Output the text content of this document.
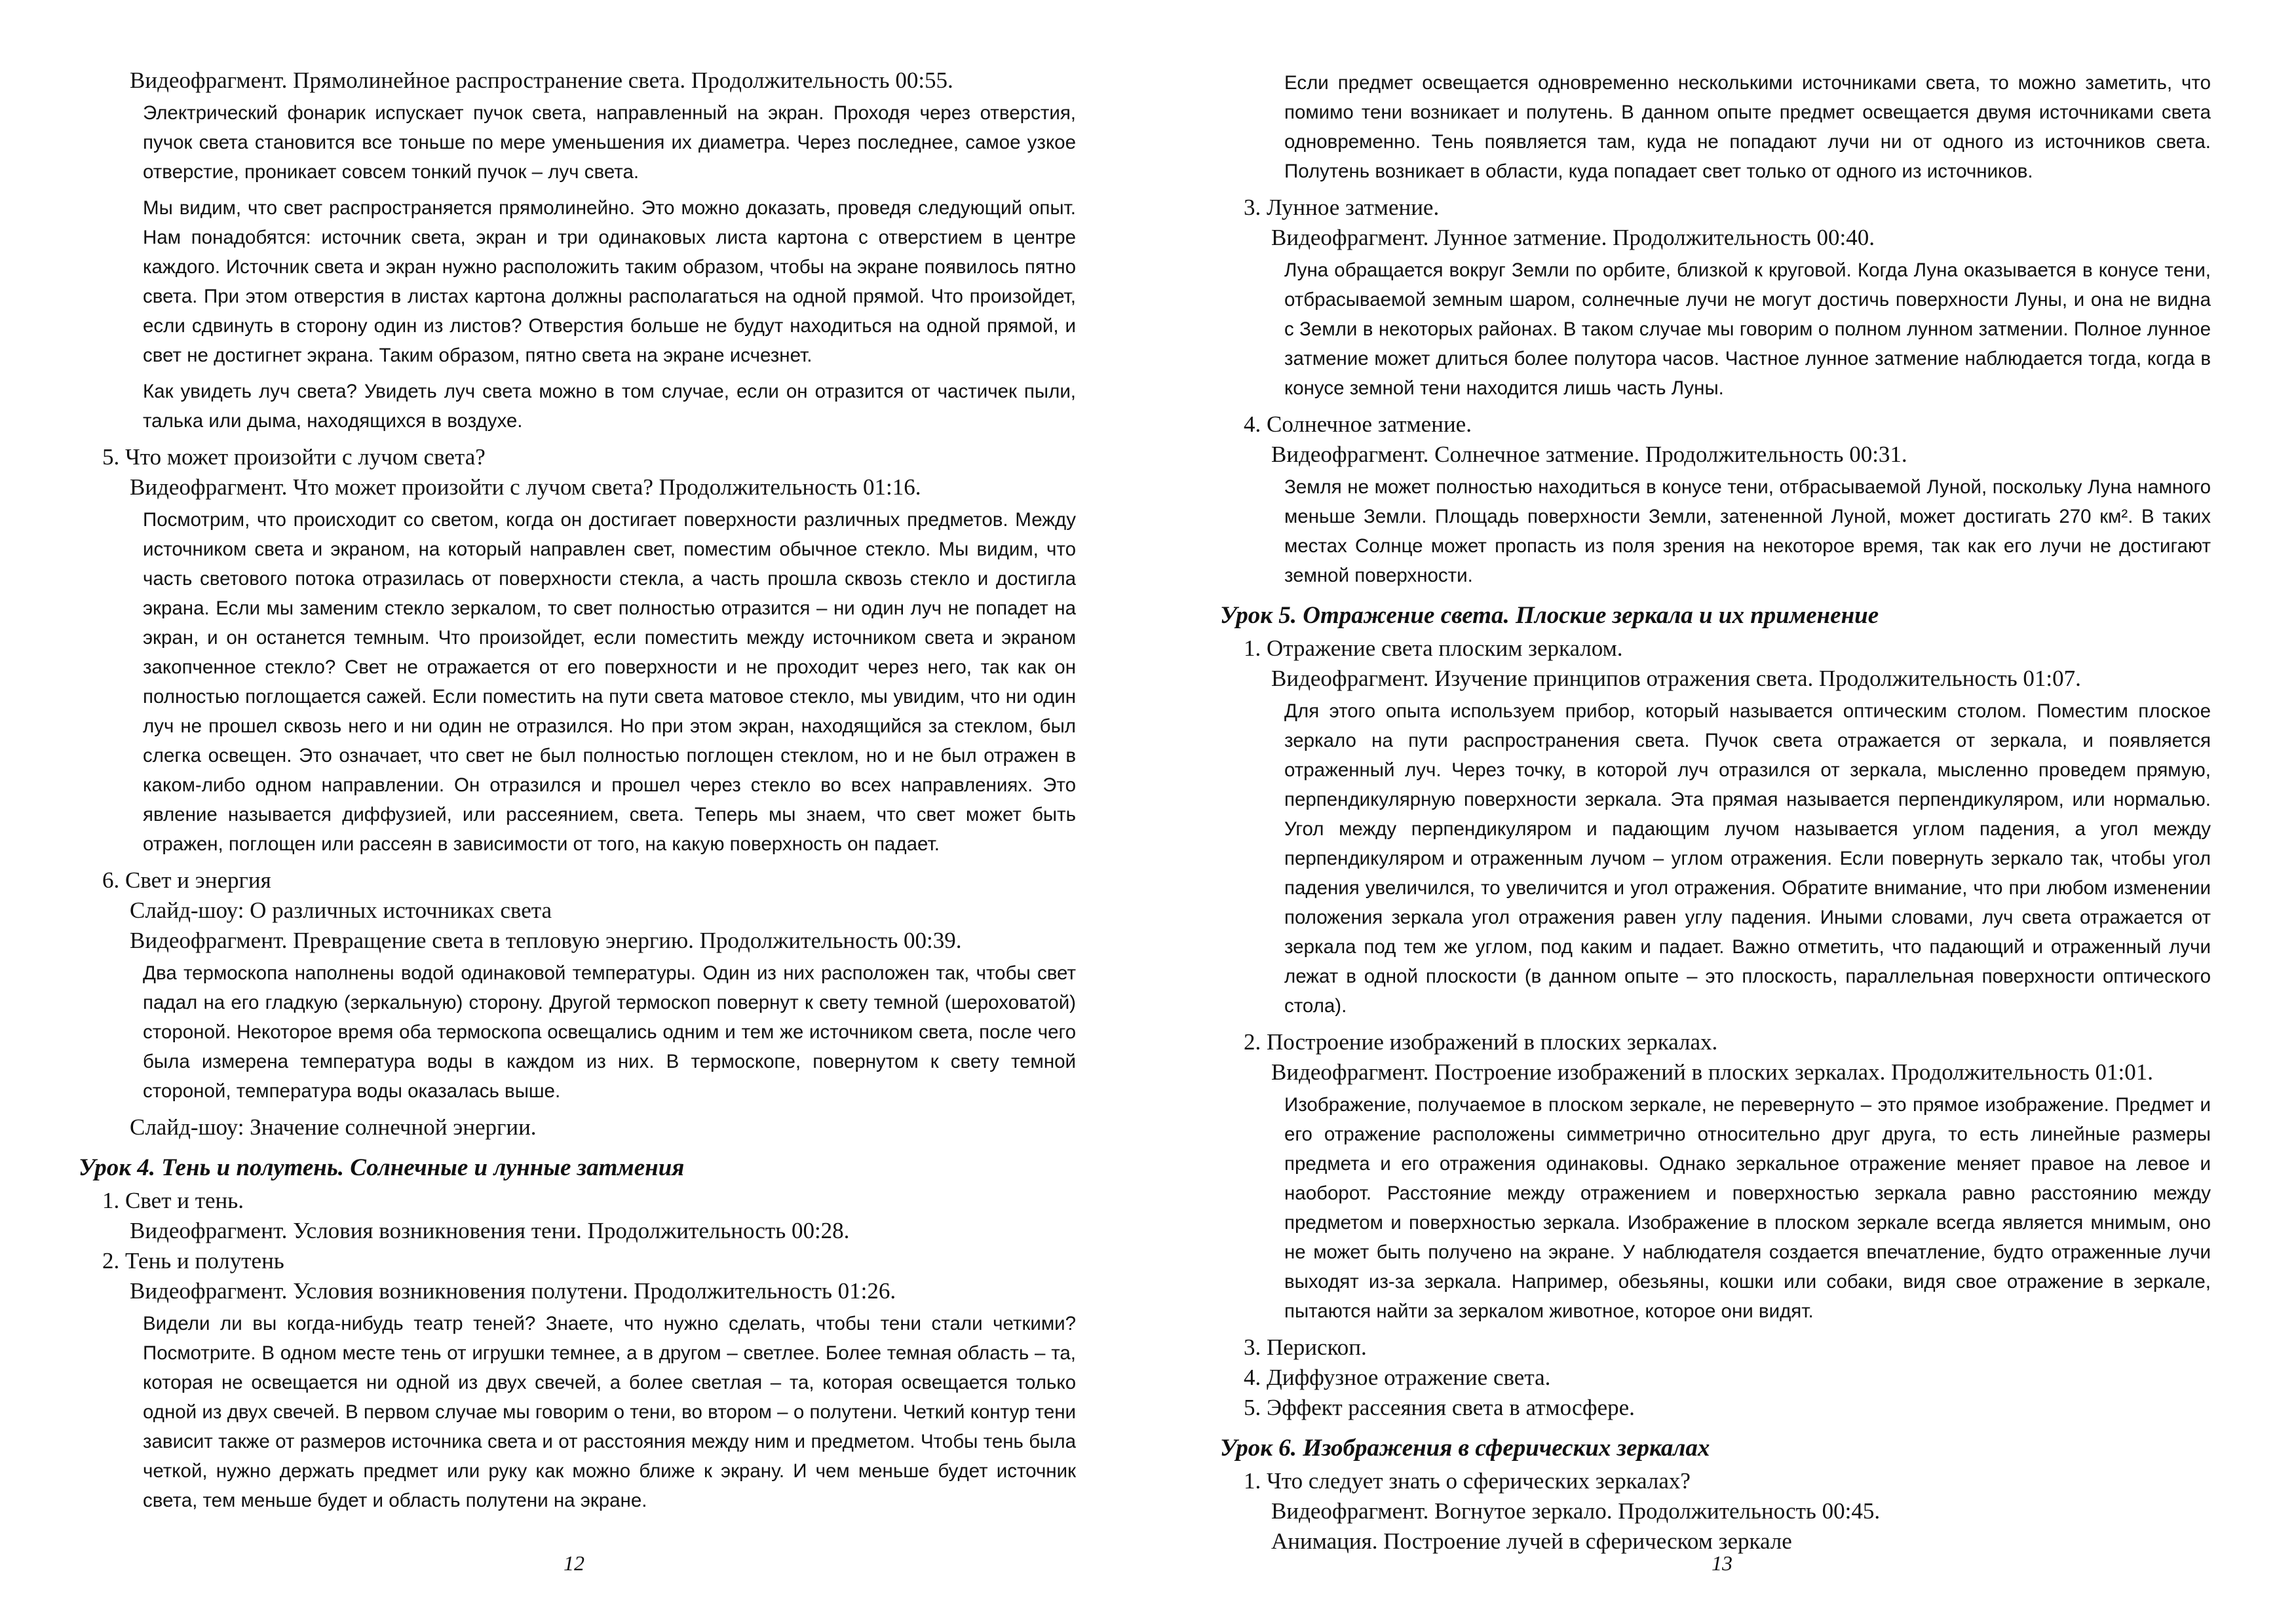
Видеофрагмент. Прямолинейное распространение света. Продолжительность 00:55.

Электрический фонарик испускает пучок света, направленный на экран. Проходя через отверстия, пучок света становится все тоньше по мере уменьшения их диаметра. Через последнее, самое узкое отверстие, проникает совсем тонкий пучок – луч света.

Мы видим, что свет распространяется прямолинейно. Это можно доказать, проведя следующий опыт. Нам понадобятся: источник света, экран и три одинаковых листа картона с отверстием в центре каждого. Источник света и экран нужно расположить таким образом, чтобы на экране появилось пятно света. При этом отверстия в листах картона должны располагаться на одной прямой. Что произойдет, если сдвинуть в сторону один из листов? Отверстия больше не будут находиться на одной прямой, и свет не достигнет экрана. Таким образом, пятно света на экране исчезнет.

Как увидеть луч света? Увидеть луч света можно в том случае, если он отразится от частичек пыли, талька или дыма, находящихся в воздухе.

5. Что может произойти с лучом света?

Видеофрагмент. Что может произойти с лучом света? Продолжительность 01:16.

Посмотрим, что происходит со светом, когда он достигает поверхности различных предметов. Между источником света и экраном, на который направлен свет, поместим обычное стекло. Мы видим, что часть светового потока отразилась от поверхности стекла, а часть прошла сквозь стекло и достигла экрана. Если мы заменим стекло зеркалом, то свет полностью отразится – ни один луч не попадет на экран, и он останется темным. Что произойдет, если поместить между источником света и экраном закопченное стекло? Свет не отражается от его поверхности и не проходит через него, так как он полностью поглощается сажей. Если поместить на пути света матовое стекло, мы увидим, что ни один луч не прошел сквозь него и ни один не отразился. Но при этом экран, находящийся за стеклом, был слегка освещен. Это означает, что свет не был полностью поглощен стеклом, но и не был отражен в каком-либо одном направлении. Он отразился и прошел через стекло во всех направлениях. Это явление называется диффузией, или рассеянием, света. Теперь мы знаем, что свет может быть отражен, поглощен или рассеян в зависимости от того, на какую поверхность он падает.

6. Свет и энергия

Слайд-шоу: О различных источниках света

Видеофрагмент. Превращение света в тепловую энергию. Продолжительность 00:39.

Два термоскопа наполнены водой одинаковой температуры. Один из них расположен так, чтобы свет падал на его гладкую (зеркальную) сторону. Другой термоскоп повернут к свету темной (шероховатой) стороной. Некоторое время оба термоскопа освещались одним и тем же источником света, после чего была измерена температура воды в каждом из них. В термоскопе, повернутом к свету темной стороной, температура воды оказалась выше.

Слайд-шоу: Значение солнечной энергии.

Урок 4. Тень и полутень. Солнечные и лунные затмения

1. Свет и тень.

Видеофрагмент. Условия возникновения тени. Продолжительность 00:28.

2. Тень и полутень

Видеофрагмент. Условия возникновения полутени. Продолжительность 01:26.

Видели ли вы когда-нибудь театр теней? Знаете, что нужно сделать, чтобы тени стали четкими? Посмотрите. В одном месте тень от игрушки темнее, а в другом – светлее. Более темная область – та, которая не освещается ни одной из двух свечей, а более светлая – та, которая освещается только одной из двух свечей. В первом случае мы говорим о тени, во втором – о полутени. Четкий контур тени зависит также от размеров источника света и от расстояния между ним и предметом. Чтобы тень была четкой, нужно держать предмет или руку как можно ближе к экрану. И чем меньше будет источник света, тем меньше будет и область полутени на экране.

12

Если предмет освещается одновременно несколькими источниками света, то можно заметить, что помимо тени возникает и полутень. В данном опыте предмет освещается двумя источниками света одновременно. Тень появляется там, куда не попадают лучи ни от одного из источников света. Полутень возникает в области, куда попадает свет только от одного из источников.

3. Лунное затмение.

Видеофрагмент. Лунное затмение. Продолжительность 00:40.

Луна обращается вокруг Земли по орбите, близкой к круговой. Когда Луна оказывается в конусе тени, отбрасываемой земным шаром, солнечные лучи не могут достичь поверхности Луны, и она не видна с Земли в некоторых районах. В таком случае мы говорим о полном лунном затмении. Полное лунное затмение может длиться более полутора часов. Частное лунное затмение наблюдается тогда, когда в конусе земной тени находится лишь часть Луны.

4. Солнечное затмение.

Видеофрагмент. Солнечное затмение. Продолжительность 00:31.

Земля не может полностью находиться в конусе тени, отбрасываемой Луной, поскольку Луна намного меньше Земли. Площадь поверхности Земли, затененной Луной, может достигать 270 км². В таких местах Солнце может пропасть из поля зрения на некоторое время, так как его лучи не достигают земной поверхности.

Урок 5. Отражение света. Плоские зеркала и их применение

1. Отражение света плоским зеркалом.

Видеофрагмент. Изучение принципов отражения света. Продолжительность 01:07.

Для этого опыта используем прибор, который называется оптическим столом. Поместим плоское зеркало на пути распространения света. Пучок света отражается от зеркала, и появляется отраженный луч. Через точку, в которой луч отразился от зеркала, мысленно проведем прямую, перпендикулярную поверхности зеркала. Эта прямая называется перпендикуляром, или нормалью. Угол между перпендикуляром и падающим лучом называется углом падения, а угол между перпендикуляром и отраженным лучом – углом отражения. Если повернуть зеркало так, чтобы угол падения увеличился, то увеличится и угол отражения. Обратите внимание, что при любом изменении положения зеркала угол отражения равен углу падения. Иными словами, луч света отражается от зеркала под тем же углом, под каким и падает. Важно отметить, что падающий и отраженный лучи лежат в одной плоскости (в данном опыте – это плоскость, параллельная поверхности оптического стола).

2. Построение изображений в плоских зеркалах.

Видеофрагмент. Построение изображений в плоских зеркалах. Продолжительность 01:01.

Изображение, получаемое в плоском зеркале, не перевернуто – это прямое изображение. Предмет и его отражение расположены симметрично относительно друг друга, то есть линейные размеры предмета и его отражения одинаковы. Однако зеркальное отражение меняет правое на левое и наоборот. Расстояние между отражением и поверхностью зеркала равно расстоянию между предметом и поверхностью зеркала. Изображение в плоском зеркале всегда является мнимым, оно не может быть получено на экране. У наблюдателя создается впечатление, будто отраженные лучи выходят из-за зеркала. Например, обезьяны, кошки или собаки, видя свое отражение в зеркале, пытаются найти за зеркалом животное, которое они видят.

3. Перископ.

4. Диффузное отражение света.

5. Эффект рассеяния света в атмосфере.

Урок 6. Изображения в сферических зеркалах

1. Что следует знать о сферических зеркалах?

Видеофрагмент. Вогнутое зеркало. Продолжительность 00:45.

Анимация. Построение лучей в сферическом зеркале

13
